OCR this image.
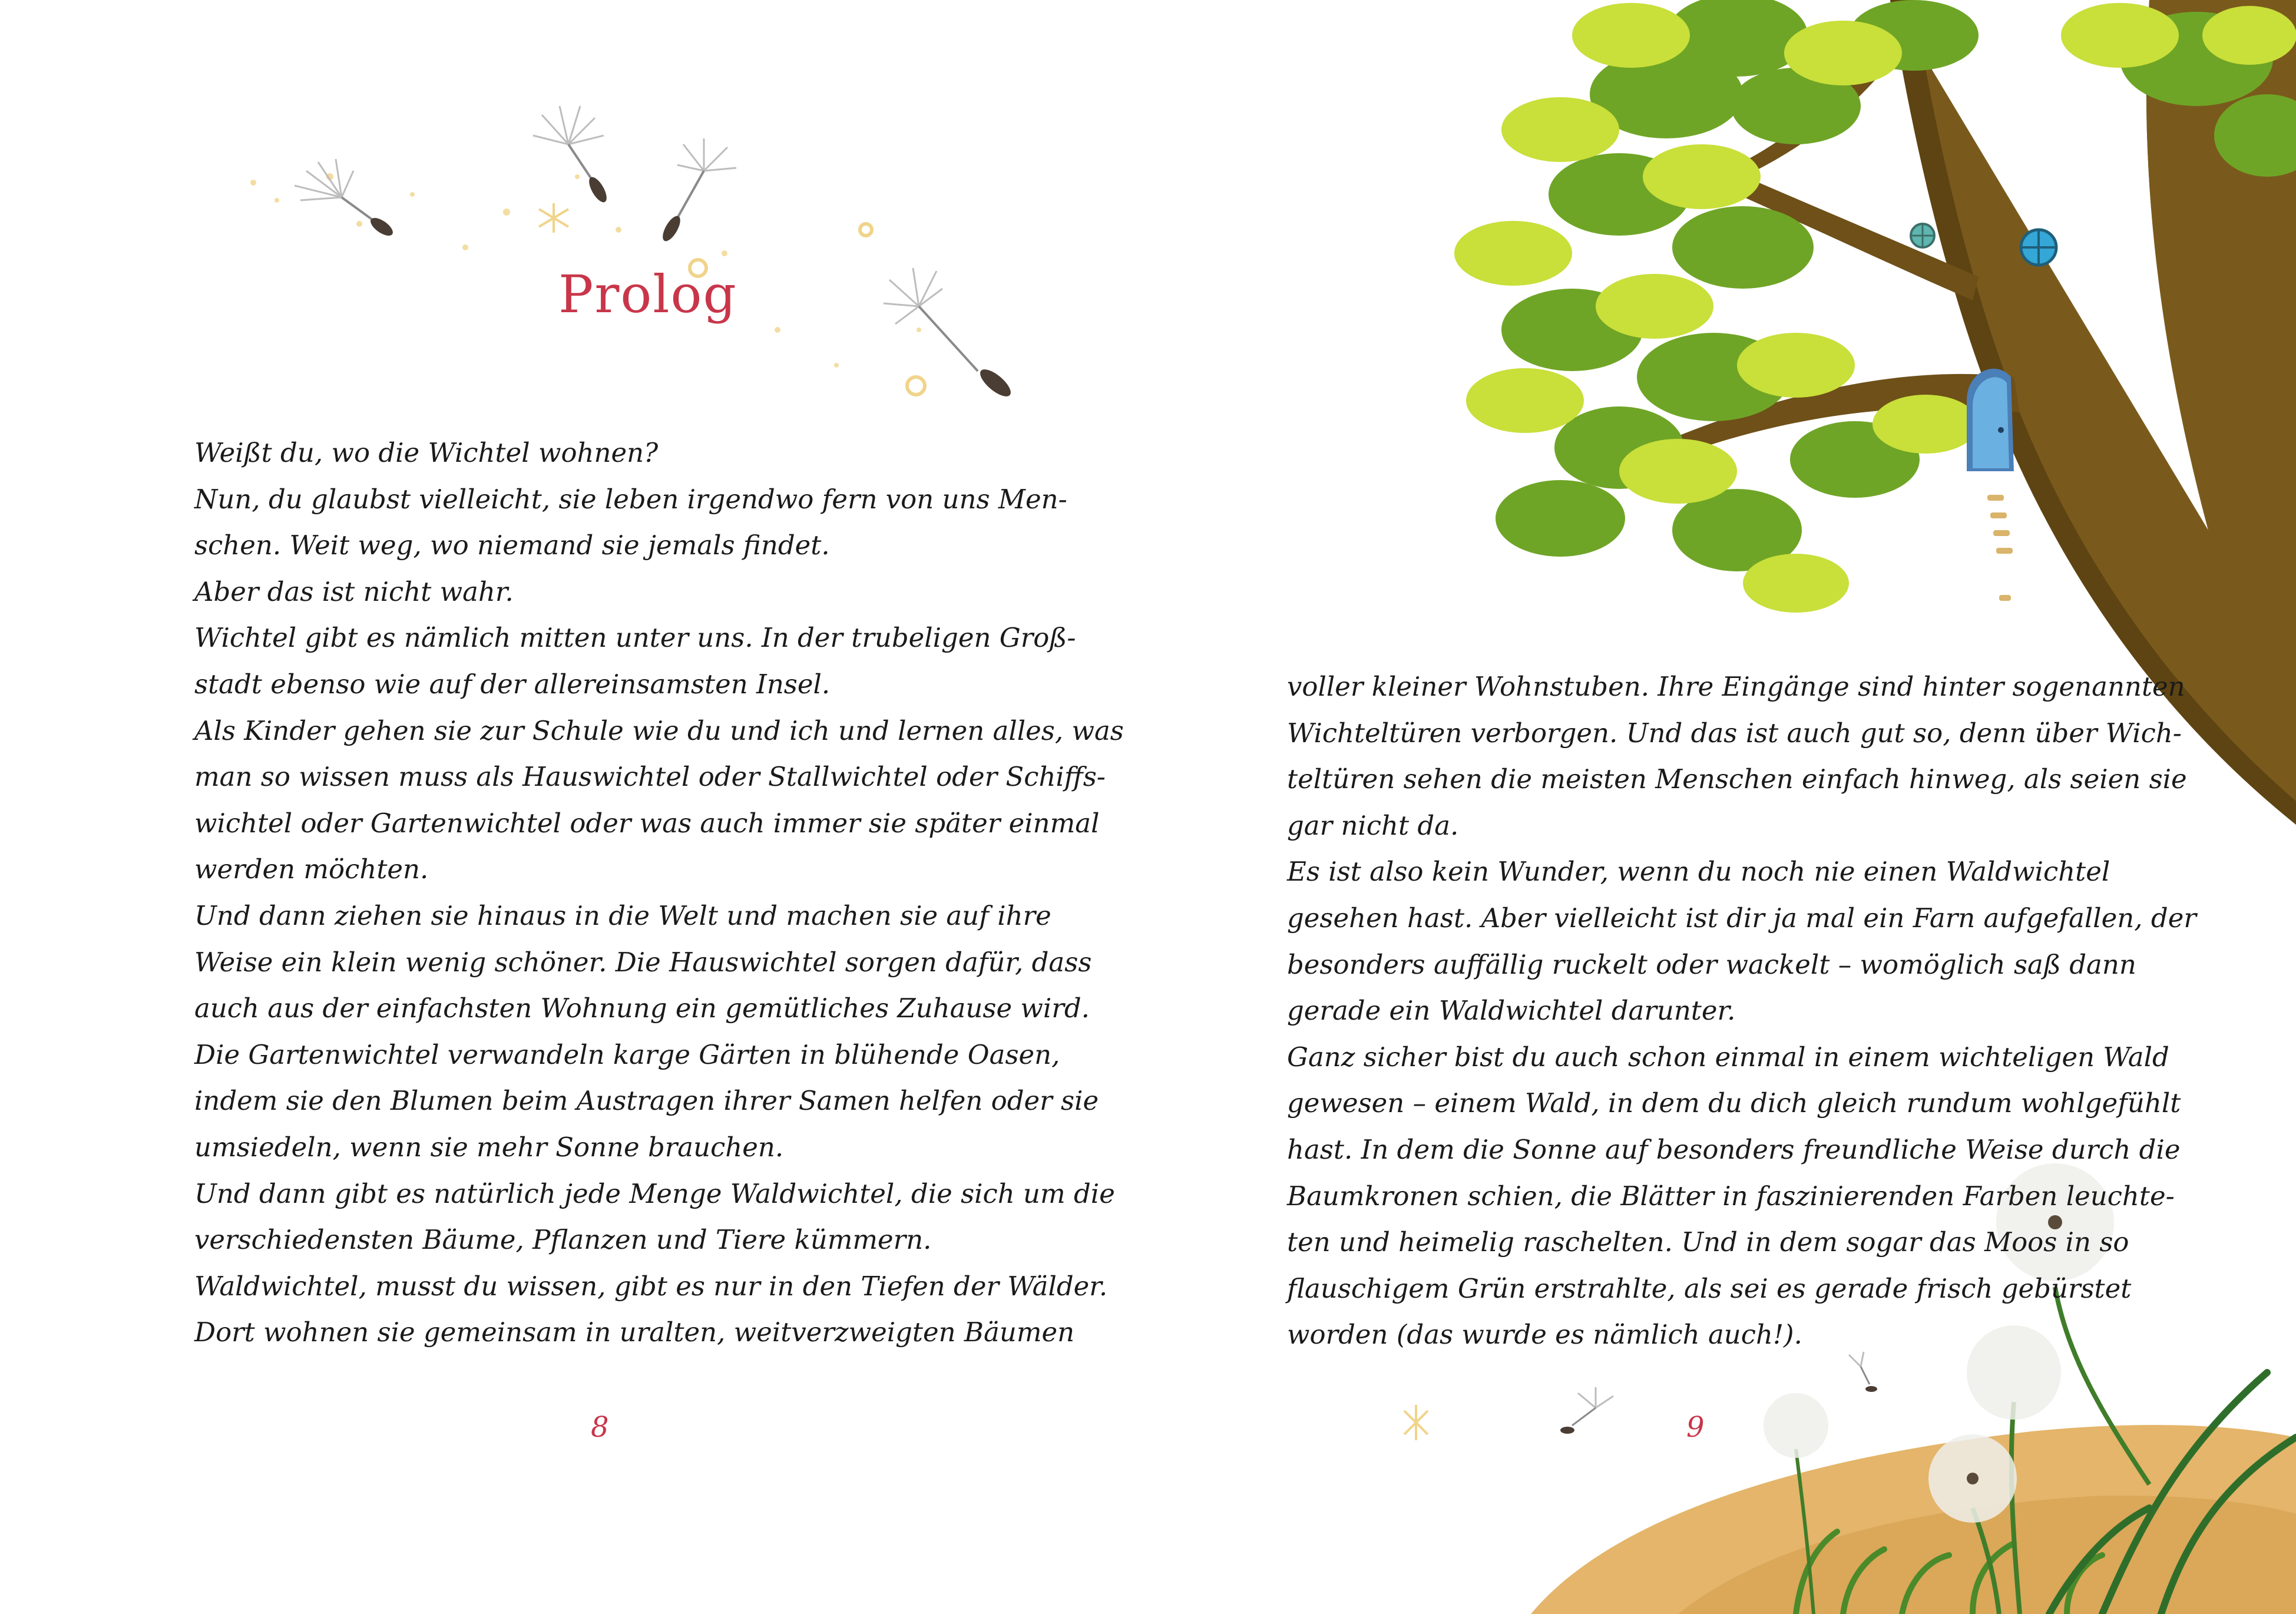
Prolog
Weißt du, wo die Wichtel wohnen?
Nun, du glaubst vielleicht, sie leben irgendwo fern von uns Men-
schen. Weit weg, wo niemand sie jemals findet.
Aber das ist nicht wahr.
Wichtel gibt es nämlich mitten unter uns. In der trubeligen Groß-
stadt ebenso wie auf der allereinsamsten Insel.
Als Kinder gehen sie zur Schule wie du und ich und lernen alles, was
man so wissen muss als Hauswichtel oder Stallwichtel oder Schiffs-
wichtel oder Gartenwichtel oder was auch immer sie später einmal
werden möchten.
Und dann ziehen sie hinaus in die Welt und machen sie auf ihre
Weise ein klein wenig schöner. Die Hauswichtel sorgen dafür, dass
auch aus der einfachsten Wohnung ein gemütliches Zuhause wird.
Die Gartenwichtel verwandeln karge Gärten in blühende Oasen,
indem sie den Blumen beim Austragen ihrer Samen helfen oder sie
umsiedeln, wenn sie mehr Sonne brauchen.
Und dann gibt es natürlich jede Menge Waldwichtel, die sich um die
verschiedensten Bäume, Pflanzen und Tiere kümmern.
Waldwichtel, musst du wissen, gibt es nur in den Tiefen der Wälder.
Dort wohnen sie gemeinsam in uralten, weitverzweigten Bäumen
8
voller kleiner Wohnstuben. Ihre Eingänge sind hinter sogenannten
Wichteltüren verborgen. Und das ist auch gut so, denn über Wich-
teltüren sehen die meisten Menschen einfach hinweg, als seien sie
gar nicht da.
Es ist also kein Wunder, wenn du noch nie einen Waldwichtel
gesehen hast. Aber vielleicht ist dir ja mal ein Farn aufgefallen, der
besonders auffällig ruckelt oder wackelt – womöglich saß dann
gerade ein Waldwichtel darunter.
Ganz sicher bist du auch schon einmal in einem wichteligen Wald
gewesen – einem Wald, in dem du dich gleich rundum wohlgefühlt
hast. In dem die Sonne auf besonders freundliche Weise durch die
Baumkronen schien, die Blätter in faszinierenden Farben leuchte-
ten und heimelig raschelten. Und in dem sogar das Moos in so
flauschigem Grün erstrahlte, als sei es gerade frisch gebürstet
worden (das wurde es nämlich auch!).
9
